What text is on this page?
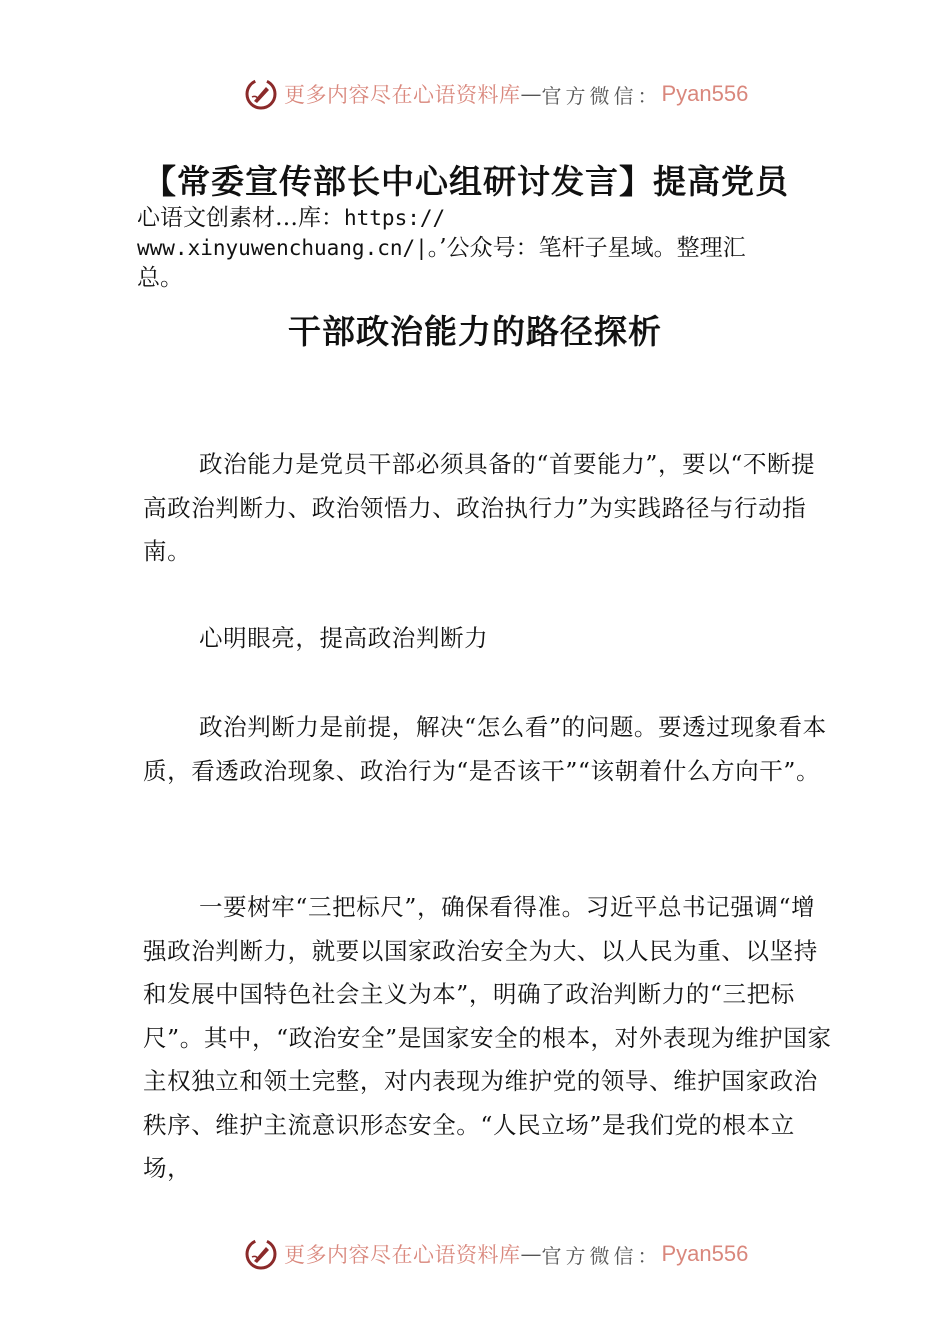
更多内容尽在心语资料库 — 官方微信： Pyan556
【常委宣传部长中心组研讨发言】提高党员
心语文创素材…库：https://
www.xinyuwenchuang.cn/|。’公众号：笔杆子星域。整理汇
总。
干部政治能力的路径探析
政治能力是党员干部必须具备的“首要能力”，要以“不断提高政治判断力、政治领悟力、政治执行力”为实践路径与行动指南。
心明眼亮，提高政治判断力
政治判断力是前提，解决“怎么看”的问题。要透过现象看本质，看透政治现象、政治行为“是否该干”“该朝着什么方向干”。
一要树牢“三把标尺”，确保看得准。习近平总书记强调“增强政治判断力，就要以国家政治安全为大、以人民为重、以坚持和发展中国特色社会主义为本”，明确了政治判断力的“三把标尺”。其中，“政治安全”是国家安全的根本，对外表现为维护国家主权独立和领土完整，对内表现为维护党的领导、维护国家政治秩序、维护主流意识形态安全。“人民立场”是我们党的根本立场，
更多内容尽在心语资料库 — 官方微信： Pyan556
